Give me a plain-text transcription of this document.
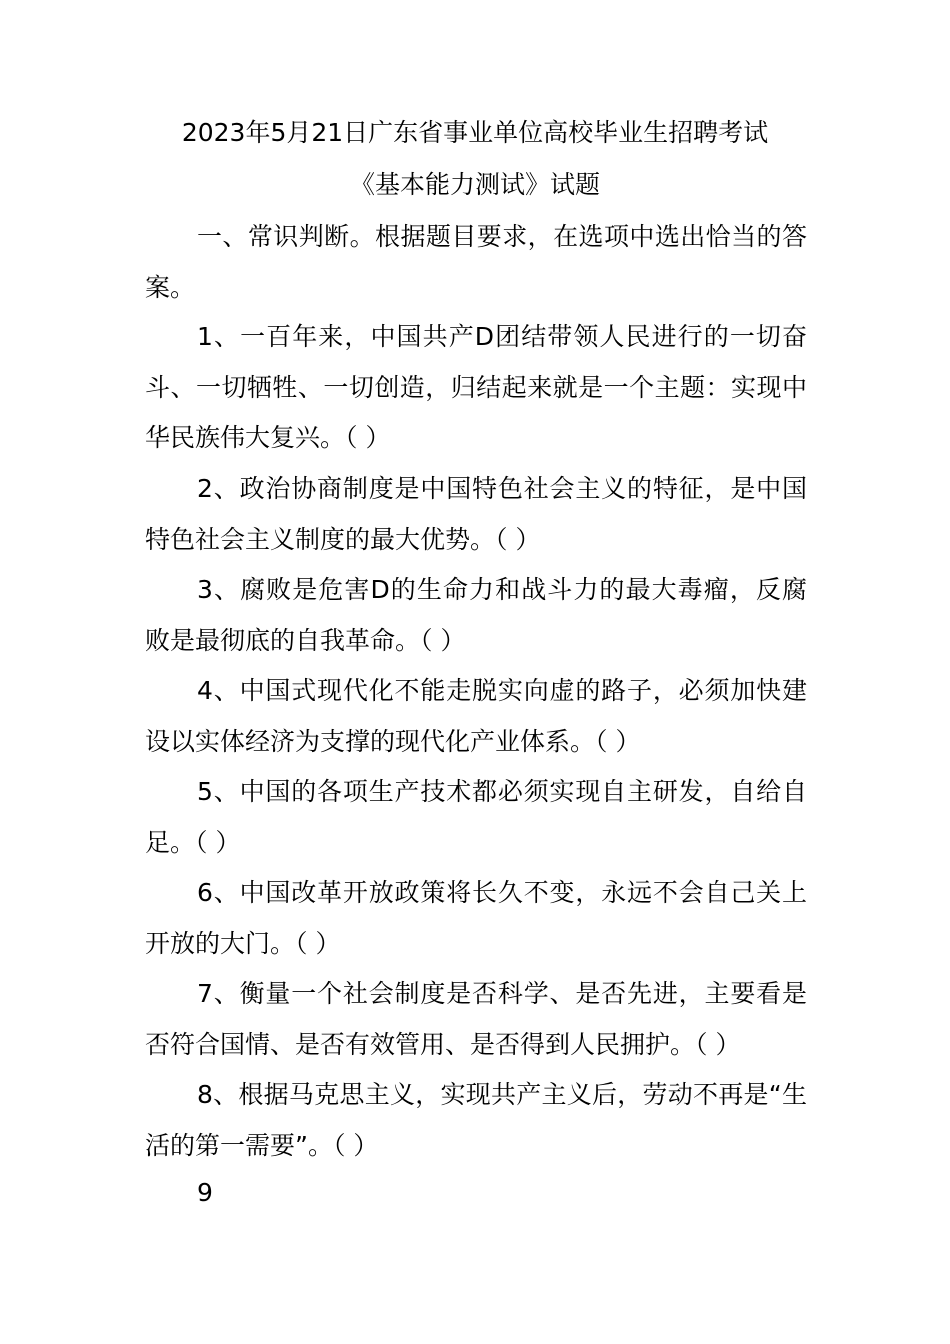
2023年5月21日广东省事业单位高校毕业生招聘考试
《基本能力测试》试题

一、常识判断。根据题目要求，在选项中选出恰当的答案。

1、一百年来，中国共产D团结带领人民进行的一切奋斗、一切牺牲、一切创造，归结起来就是一个主题：实现中华民族伟大复兴。（ ）

2、政治协商制度是中国特色社会主义的特征，是中国特色社会主义制度的最大优势。（ ）

3、腐败是危害D的生命力和战斗力的最大毒瘤，反腐败是最彻底的自我革命。（ ）

4、中国式现代化不能走脱实向虚的路子，必须加快建设以实体经济为支撑的现代化产业体系。（ ）

5、中国的各项生产技术都必须实现自主研发，自给自足。（ ）

6、中国改革开放政策将长久不变，永远不会自己关上开放的大门。（ ）

7、衡量一个社会制度是否科学、是否先进，主要看是否符合国情、是否有效管用、是否得到人民拥护。（ ）

8、根据马克思主义，实现共产主义后，劳动不再是“生活的第一需要”。（ ）

9
